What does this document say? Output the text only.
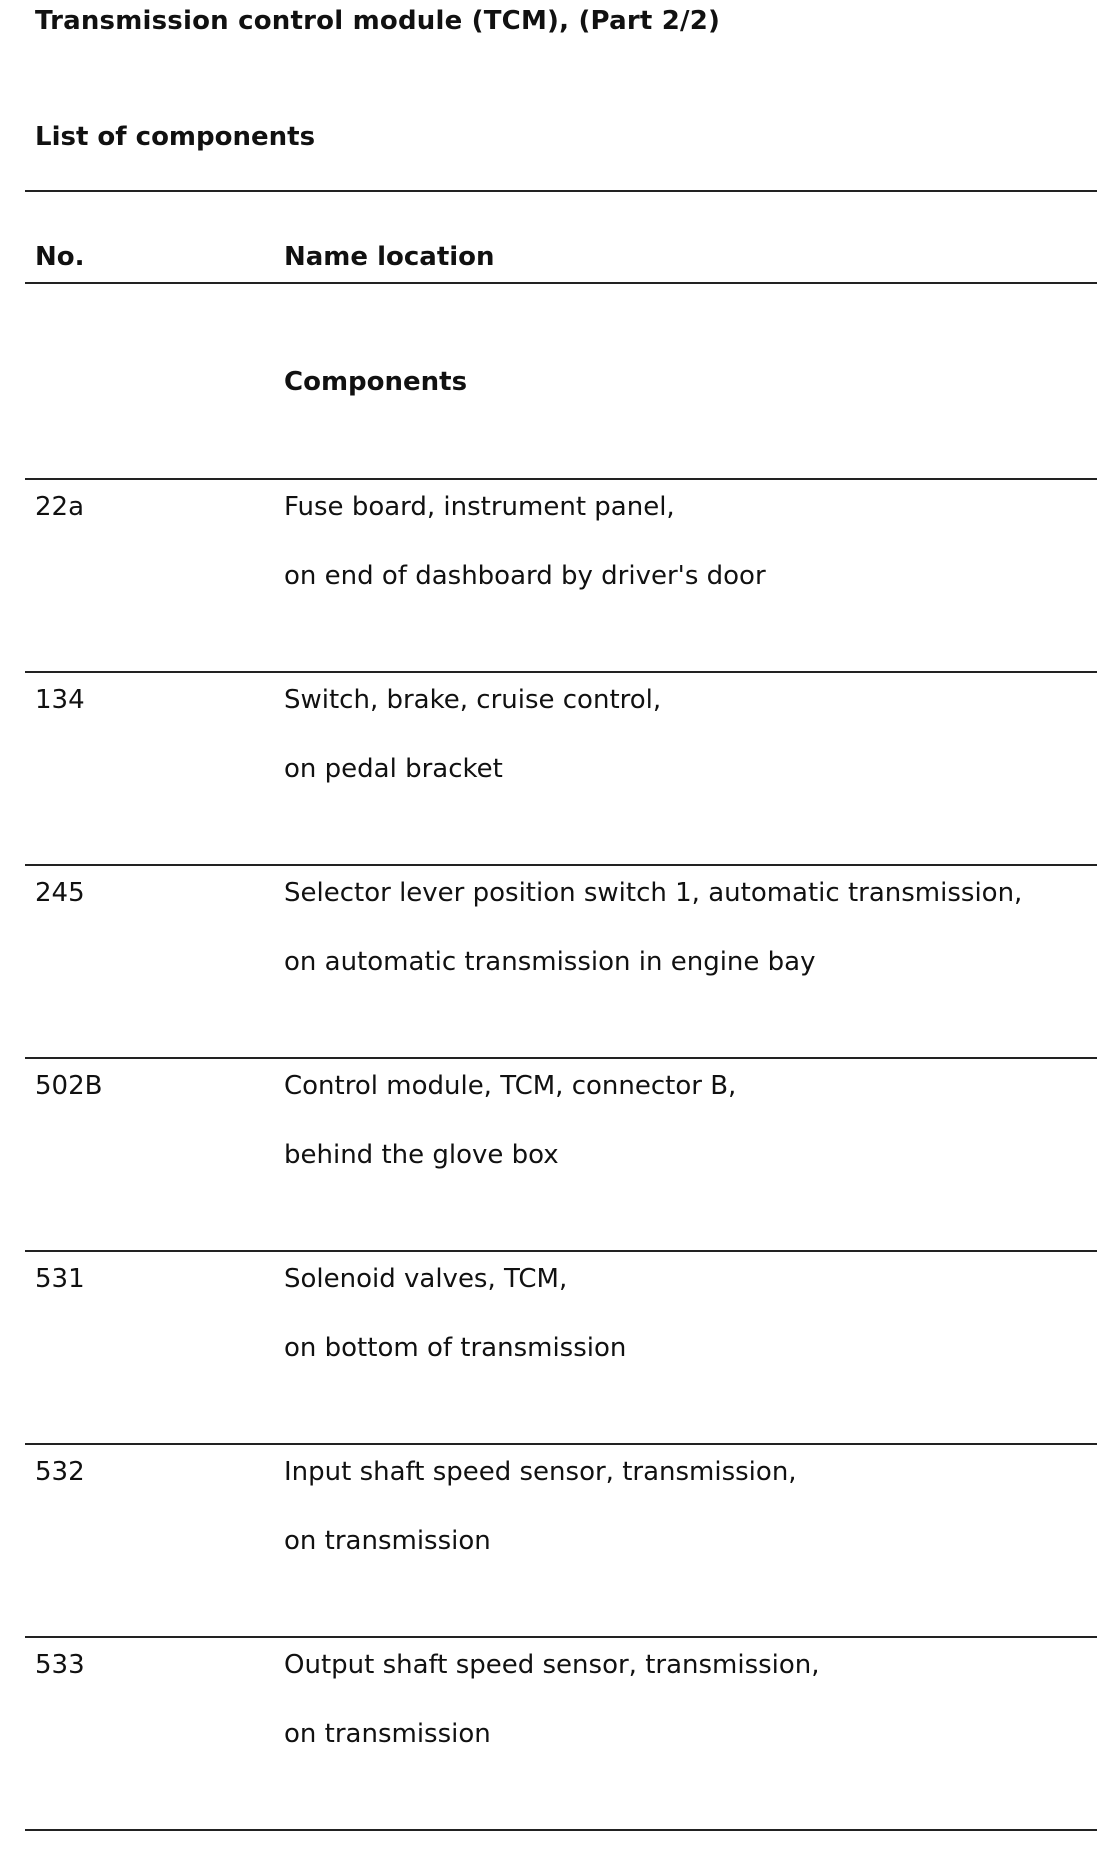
Transmission control module (TCM), (Part 2/2)
List of components
No.	Name location
Components
22a	Fuse board, instrument panel,
on end of dashboard by driver's door
134	Switch, brake, cruise control,
on pedal bracket
245	Selector lever position switch 1, automatic transmission,
on automatic transmission in engine bay
502B	Control module, TCM, connector B,
behind the glove box
531	Solenoid valves, TCM,
on bottom of transmission
532	Input shaft speed sensor, transmission,
on transmission
533	Output shaft speed sensor, transmission,
on transmission
